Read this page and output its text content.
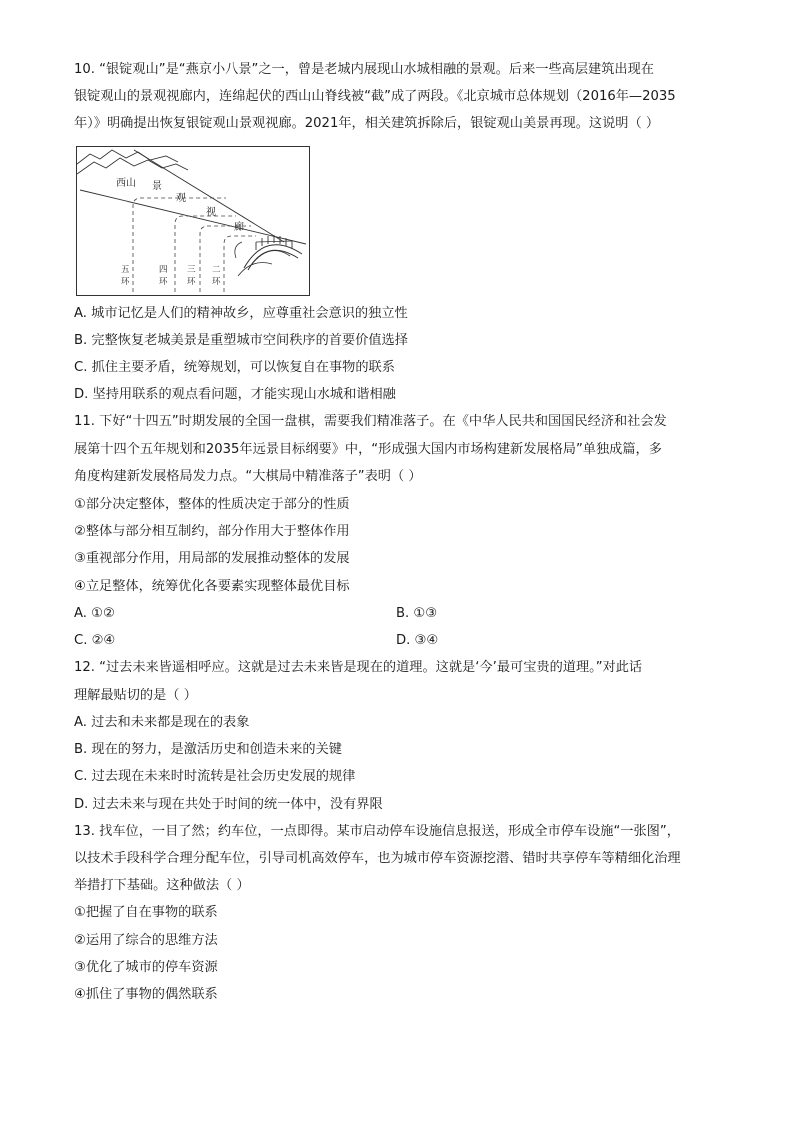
10. “银锭观山”是“燕京小八景”之一，曾是老城内展现山水城相融的景观。后来一些高层建筑出现在
银锭观山的景观视廊内，连绵起伏的西山山脊线被“截”成了两段。《北京城市总体规划（2016年—2035
年）》明确提出恢复银锭观山景观视廊。2021年，相关建筑拆除后，银锭观山美景再现。这说明（ ）
西山 景
观
视
廊
五
环
四
环
三
环
二
环
A. 城市记忆是人们的精神故乡，应尊重社会意识的独立性
B. 完整恢复老城美景是重塑城市空间秩序的首要价值选择
C. 抓住主要矛盾，统筹规划，可以恢复自在事物的联系
D. 坚持用联系的观点看问题，才能实现山水城和谐相融
11. 下好“十四五”时期发展的全国一盘棋，需要我们精准落子。在《中华人民共和国国民经济和社会发
展第十四个五年规划和2035年远景目标纲要》中，“形成强大国内市场构建新发展格局”单独成篇，多
角度构建新发展格局发力点。“大棋局中精准落子”表明（ ）
①部分决定整体，整体的性质决定于部分的性质
②整体与部分相互制约，部分作用大于整体作用
③重视部分作用，用局部的发展推动整体的发展
④立足整体，统筹优化各要素实现整体最优目标
A. ①②	B. ①③
C. ②④	D. ③④
12. “过去未来皆遥相呼应。这就是过去未来皆是现在的道理。这就是‘今’最可宝贵的道理。”对此话
理解最贴切的是（ ）
A. 过去和未来都是现在的表象
B. 现在的努力，是激活历史和创造未来的关键
C. 过去现在未来时时流转是社会历史发展的规律
D. 过去未来与现在共处于时间的统一体中，没有界限
13. 找车位，一目了然；约车位，一点即得。某市启动停车设施信息报送，形成全市停车设施“一张图”，
以技术手段科学合理分配车位，引导司机高效停车，也为城市停车资源挖潜、错时共享停车等精细化治理
举措打下基础。这种做法（ ）
①把握了自在事物的联系
②运用了综合的思维方法
③优化了城市的停车资源
④抓住了事物的偶然联系
